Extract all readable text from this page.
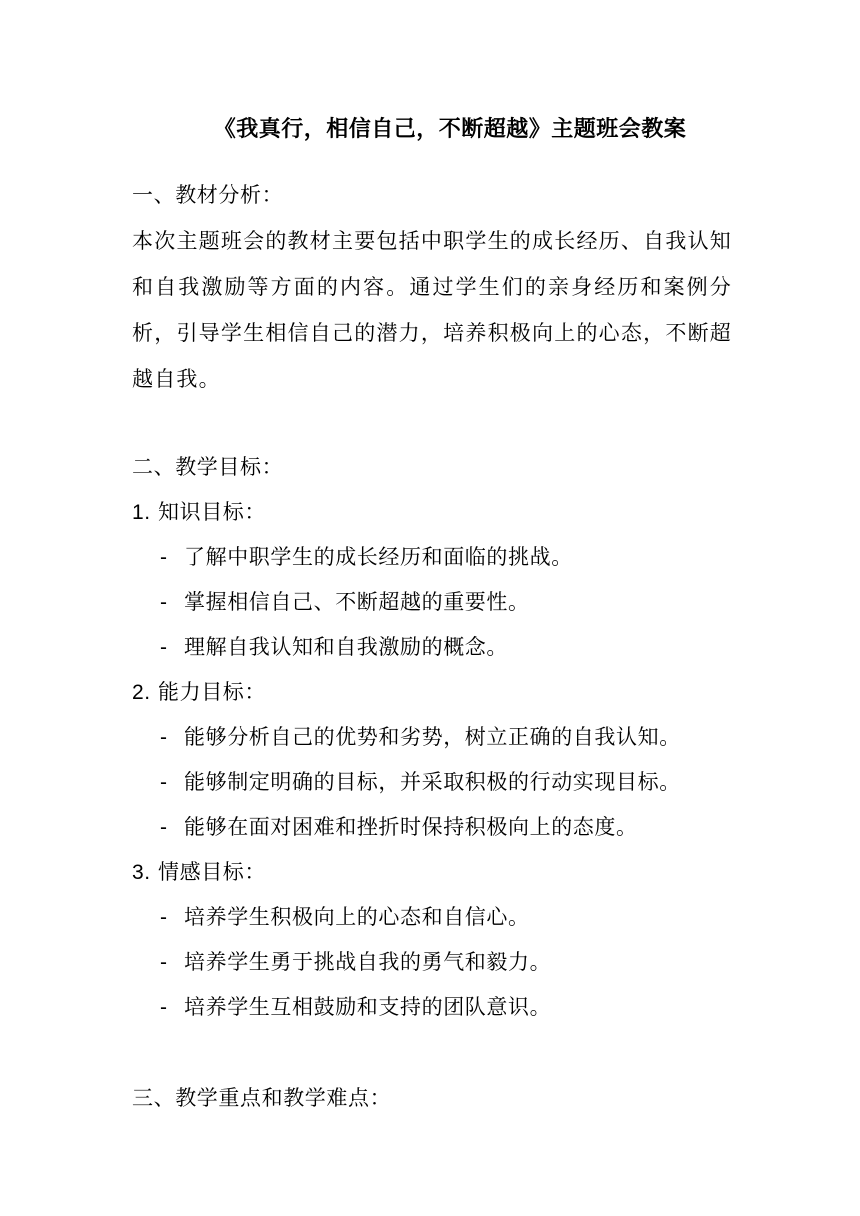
《我真行，相信自己，不断超越》主题班会教案
一、教材分析：
本次主题班会的教材主要包括中职学生的成长经历、自我认知和自我激励等方面的内容。通过学生们的亲身经历和案例分析，引导学生相信自己的潜力，培养积极向上的心态，不断超越自我。
二、教学目标：
1. 知识目标：
- 了解中职学生的成长经历和面临的挑战。
- 掌握相信自己、不断超越的重要性。
- 理解自我认知和自我激励的概念。
2. 能力目标：
- 能够分析自己的优势和劣势，树立正确的自我认知。
- 能够制定明确的目标，并采取积极的行动实现目标。
- 能够在面对困难和挫折时保持积极向上的态度。
3. 情感目标：
- 培养学生积极向上的心态和自信心。
- 培养学生勇于挑战自我的勇气和毅力。
- 培养学生互相鼓励和支持的团队意识。
三、教学重点和教学难点：
